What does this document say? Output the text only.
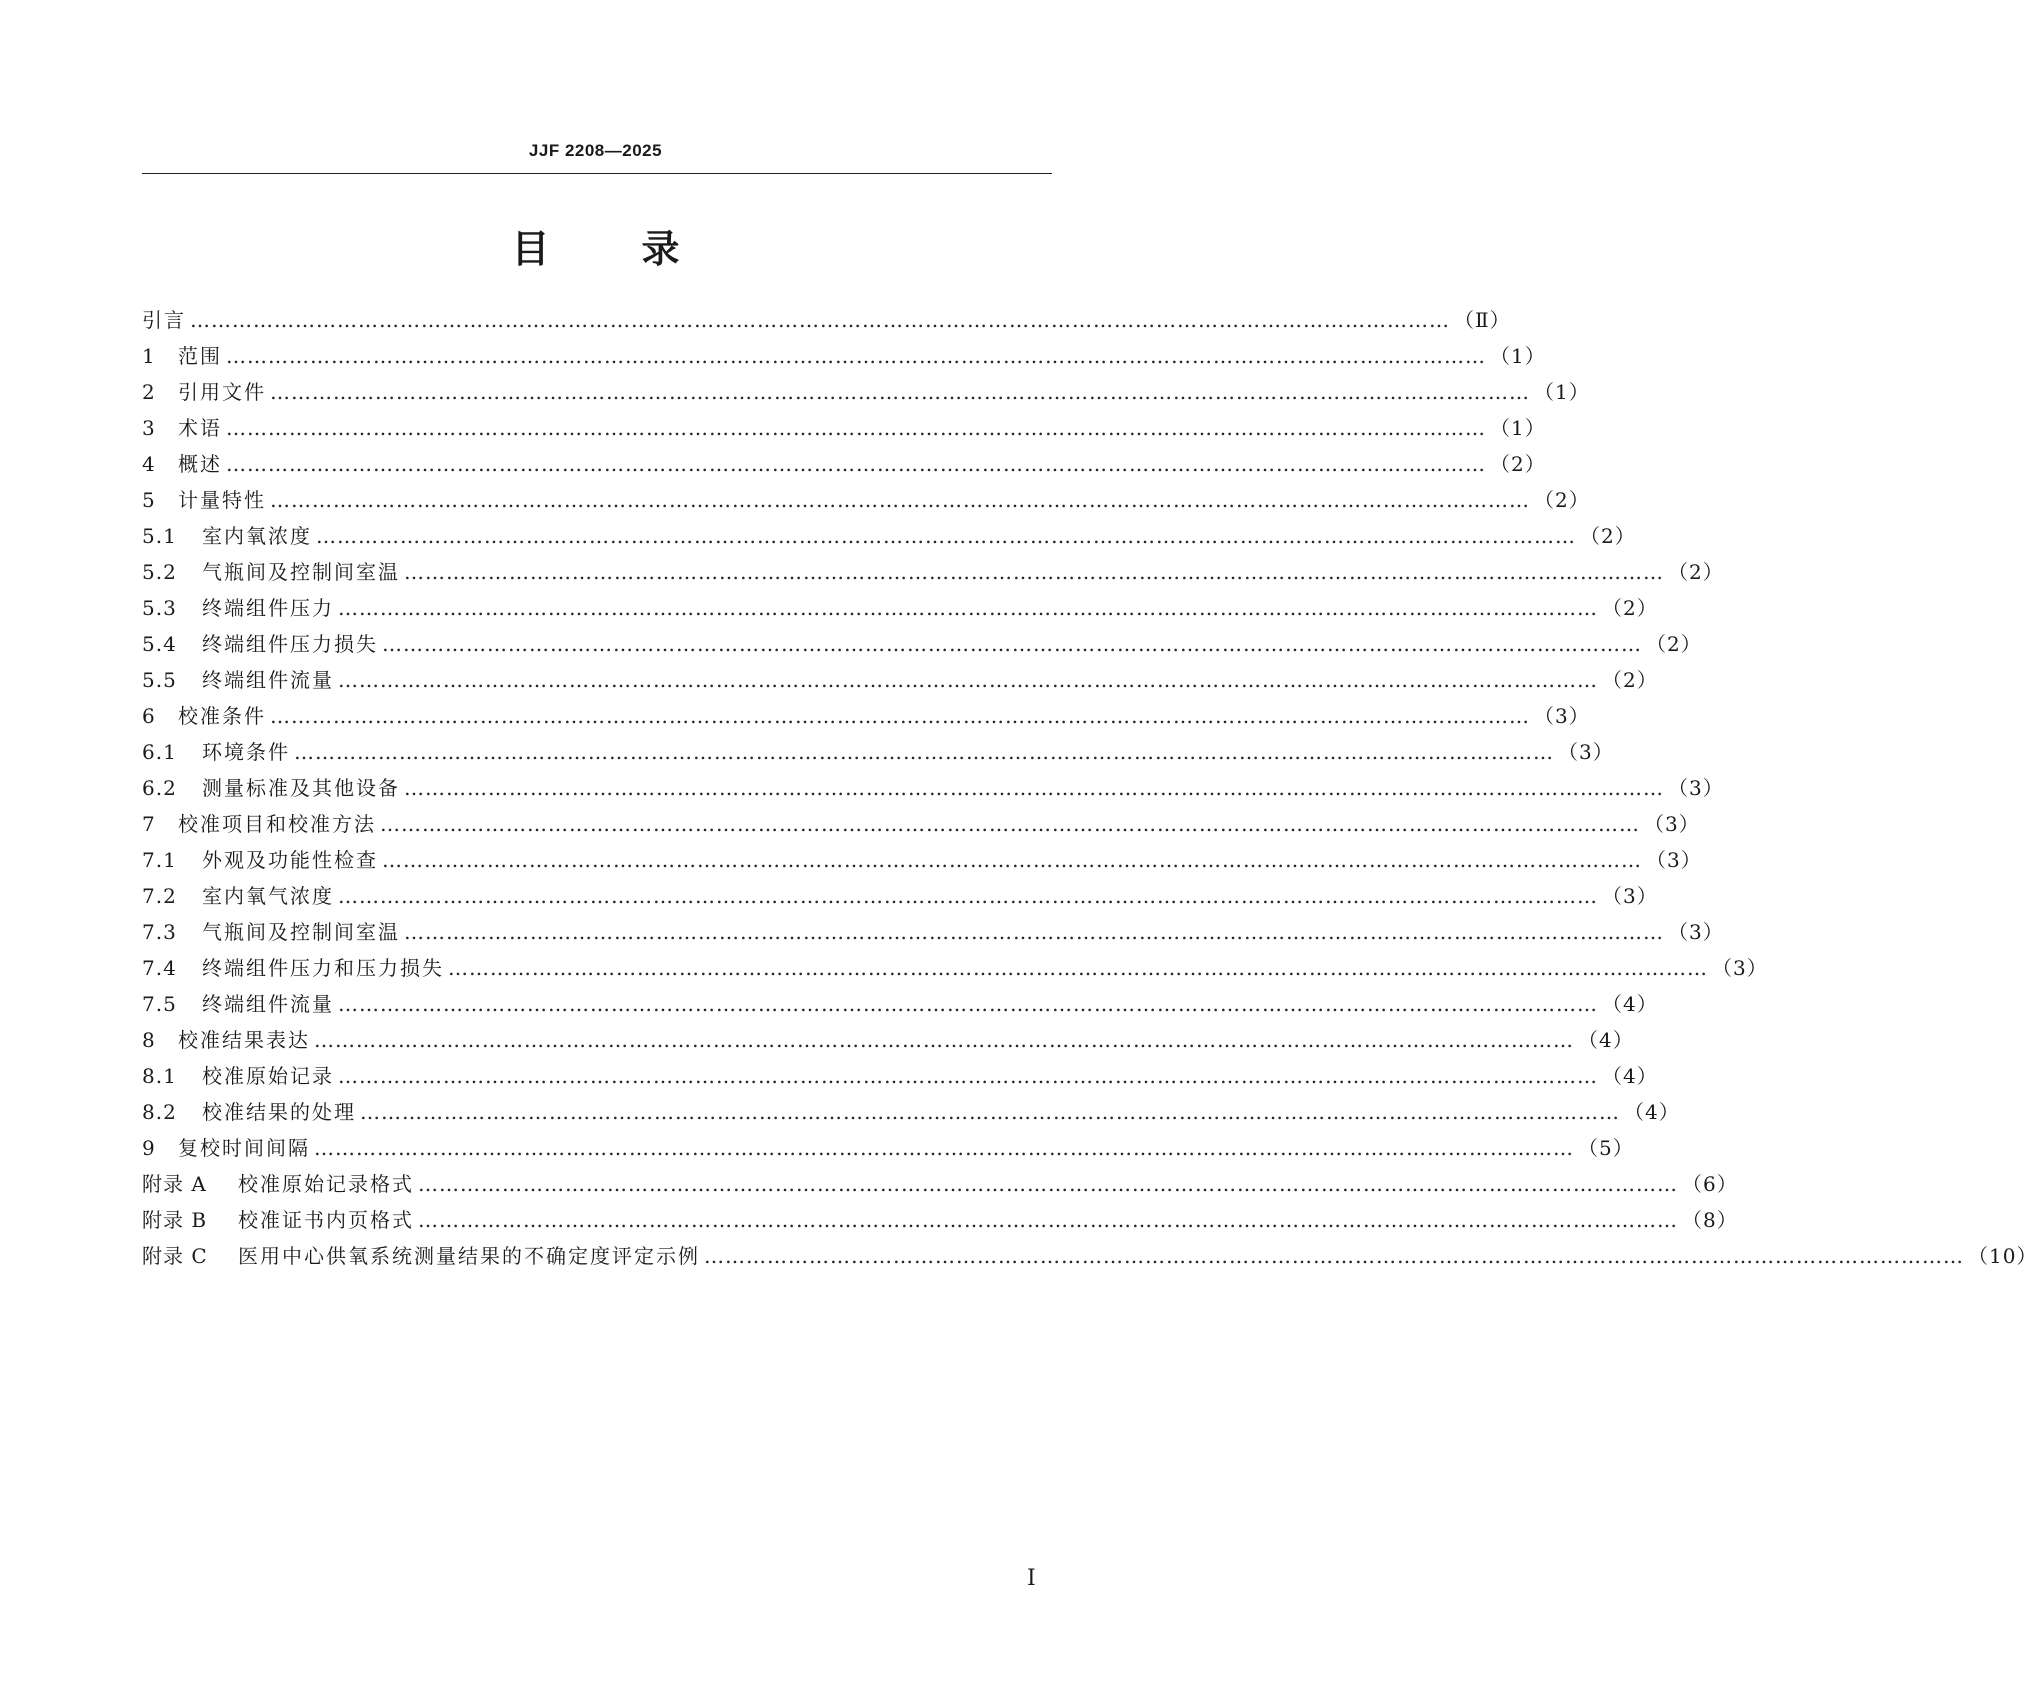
JJF 2208—2025
目 录
引言 ………………………………………………………………………………………………………………………………………………………………	（Ⅱ）
1	范围 ………………………………………………………………………………………………………………………………………………………………	（1）
2	引用文件 ………………………………………………………………………………………………………………………………………………………………	（1）
3	术语 ………………………………………………………………………………………………………………………………………………………………	（1）
4	概述 ………………………………………………………………………………………………………………………………………………………………	（2）
5	计量特性 ………………………………………………………………………………………………………………………………………………………………	（2）
5.1	室内氧浓度 ………………………………………………………………………………………………………………………………………………………………	（2）
5.2	气瓶间及控制间室温 ………………………………………………………………………………………………………………………………………………………………	（2）
5.3	终端组件压力 ………………………………………………………………………………………………………………………………………………………………	（2）
5.4	终端组件压力损失 ………………………………………………………………………………………………………………………………………………………………	（2）
5.5	终端组件流量 ………………………………………………………………………………………………………………………………………………………………	（2）
6	校准条件 ………………………………………………………………………………………………………………………………………………………………	（3）
6.1	环境条件 ………………………………………………………………………………………………………………………………………………………………	（3）
6.2	测量标准及其他设备 ………………………………………………………………………………………………………………………………………………………………	（3）
7	校准项目和校准方法 ………………………………………………………………………………………………………………………………………………………………	（3）
7.1	外观及功能性检查 ………………………………………………………………………………………………………………………………………………………………	（3）
7.2	室内氧气浓度 ………………………………………………………………………………………………………………………………………………………………	（3）
7.3	气瓶间及控制间室温 ………………………………………………………………………………………………………………………………………………………………	（3）
7.4	终端组件压力和压力损失 ………………………………………………………………………………………………………………………………………………………………	（3）
7.5	终端组件流量 ………………………………………………………………………………………………………………………………………………………………	（4）
8	校准结果表达 ………………………………………………………………………………………………………………………………………………………………	（4）
8.1	校准原始记录 ………………………………………………………………………………………………………………………………………………………………	（4）
8.2	校准结果的处理 ………………………………………………………………………………………………………………………………………………………………	（4）
9	复校时间间隔 ………………………………………………………………………………………………………………………………………………………………	（5）
附录 A	校准原始记录格式 ………………………………………………………………………………………………………………………………………………………………	（6）
附录 B	校准证书内页格式 ………………………………………………………………………………………………………………………………………………………………	（8）
附录 C	医用中心供氧系统测量结果的不确定度评定示例 ………………………………………………………………………………………………………………………………………………………………	（10）
Ⅰ
